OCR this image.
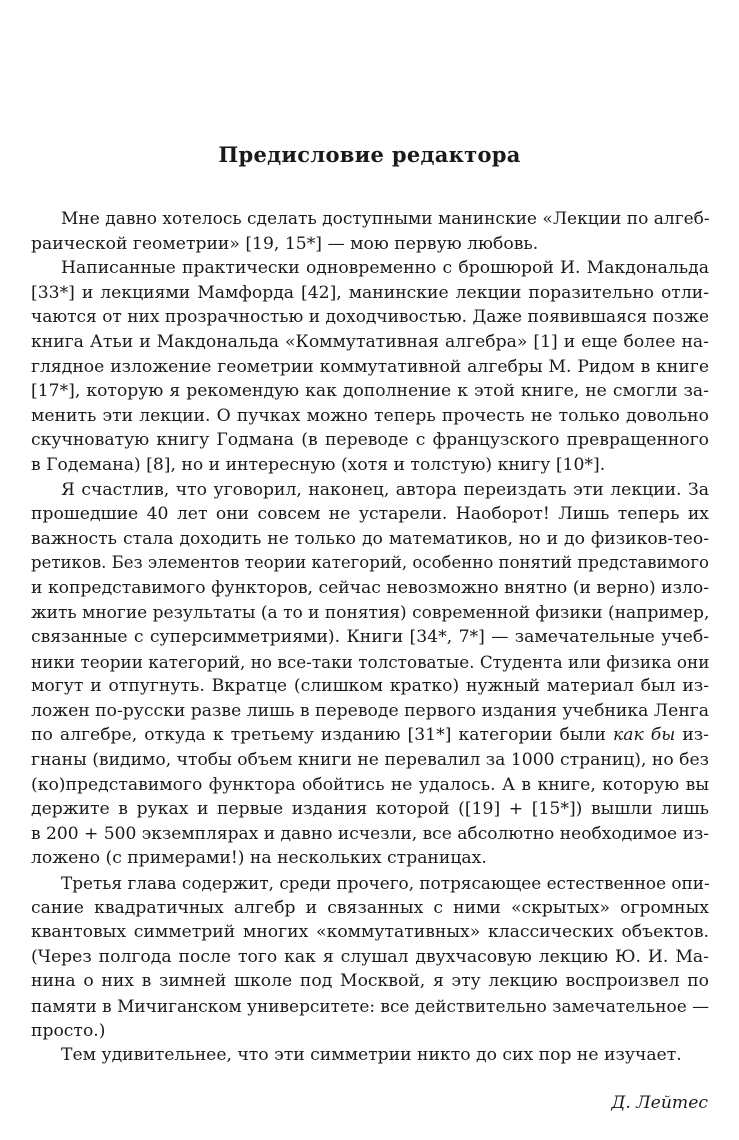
Предисловие редактора
Мне давно хотелось сделать доступными манинские «Лекции по алгеб-
раической геометрии» [19, 15*] — мою первую любовь.
Написанные практически одновременно с брошюрой И. Макдональда
[33*] и лекциями Мамфорда [42], манинские лекции поразительно отли-
чаются от них прозрачностью и доходчивостью. Даже появившаяся позже
книга Атьи и Макдональда «Коммутативная алгебра» [1] и еще более на-
глядное изложение геометрии коммутативной алгебры М. Ридом в книге
[17*], которую я рекомендую как дополнение к этой книге, не смогли за-
менить эти лекции. О пучках можно теперь прочесть не только довольно
скучноватую книгу Годмана (в переводе с французского превращенного
в Годемана) [8], но и интересную (хотя и толстую) книгу [10*].
Я счастлив, что уговорил, наконец, автора переиздать эти лекции. За
прошедшие 40 лет они совсем не устарели. Наоборот! Лишь теперь их
важность стала доходить не только до математиков, но и до физиков-тео-
ретиков. Без элементов теории категорий, особенно понятий представимого
и копредставимого функторов, сейчас невозможно внятно (и верно) изло-
жить многие результаты (а то и понятия) современной физики (например,
связанные с суперсимметриями). Книги [34*, 7*] — замечательные учеб-
ники теории категорий, но все-таки толстоватые. Студента или физика они
могут и отпугнуть. Вкратце (слишком кратко) нужный материал был из-
ложен по-русски разве лишь в переводе первого издания учебника Ленга
по алгебре, откуда к третьему изданию [31*] категории были как бы из-
гнаны (видимо, чтобы объем книги не перевалил за 1000 страниц), но без
(ко)представимого функтора обойтись не удалось. А в книге, которую вы
держите в руках и первые издания которой ([19] + [15*]) вышли лишь
в 200 + 500 экземплярах и давно исчезли, все абсолютно необходимое из-
ложено (с примерами!) на нескольких страницах.
Третья глава содержит, среди прочего, потрясающее естественное опи-
сание квадратичных алгебр и связанных с ними «скрытых» огромных
квантовых симметрий многих «коммутативных» классических объектов.
(Через полгода после того как я слушал двухчасовую лекцию Ю. И. Ма-
нина о них в зимней школе под Москвой, я эту лекцию воспроизвел по
памяти в Мичиганском университете: все действительно замечательное —
просто.)
Тем удивительнее, что эти симметрии никто до сих пор не изучает.
Д. Лейтес
